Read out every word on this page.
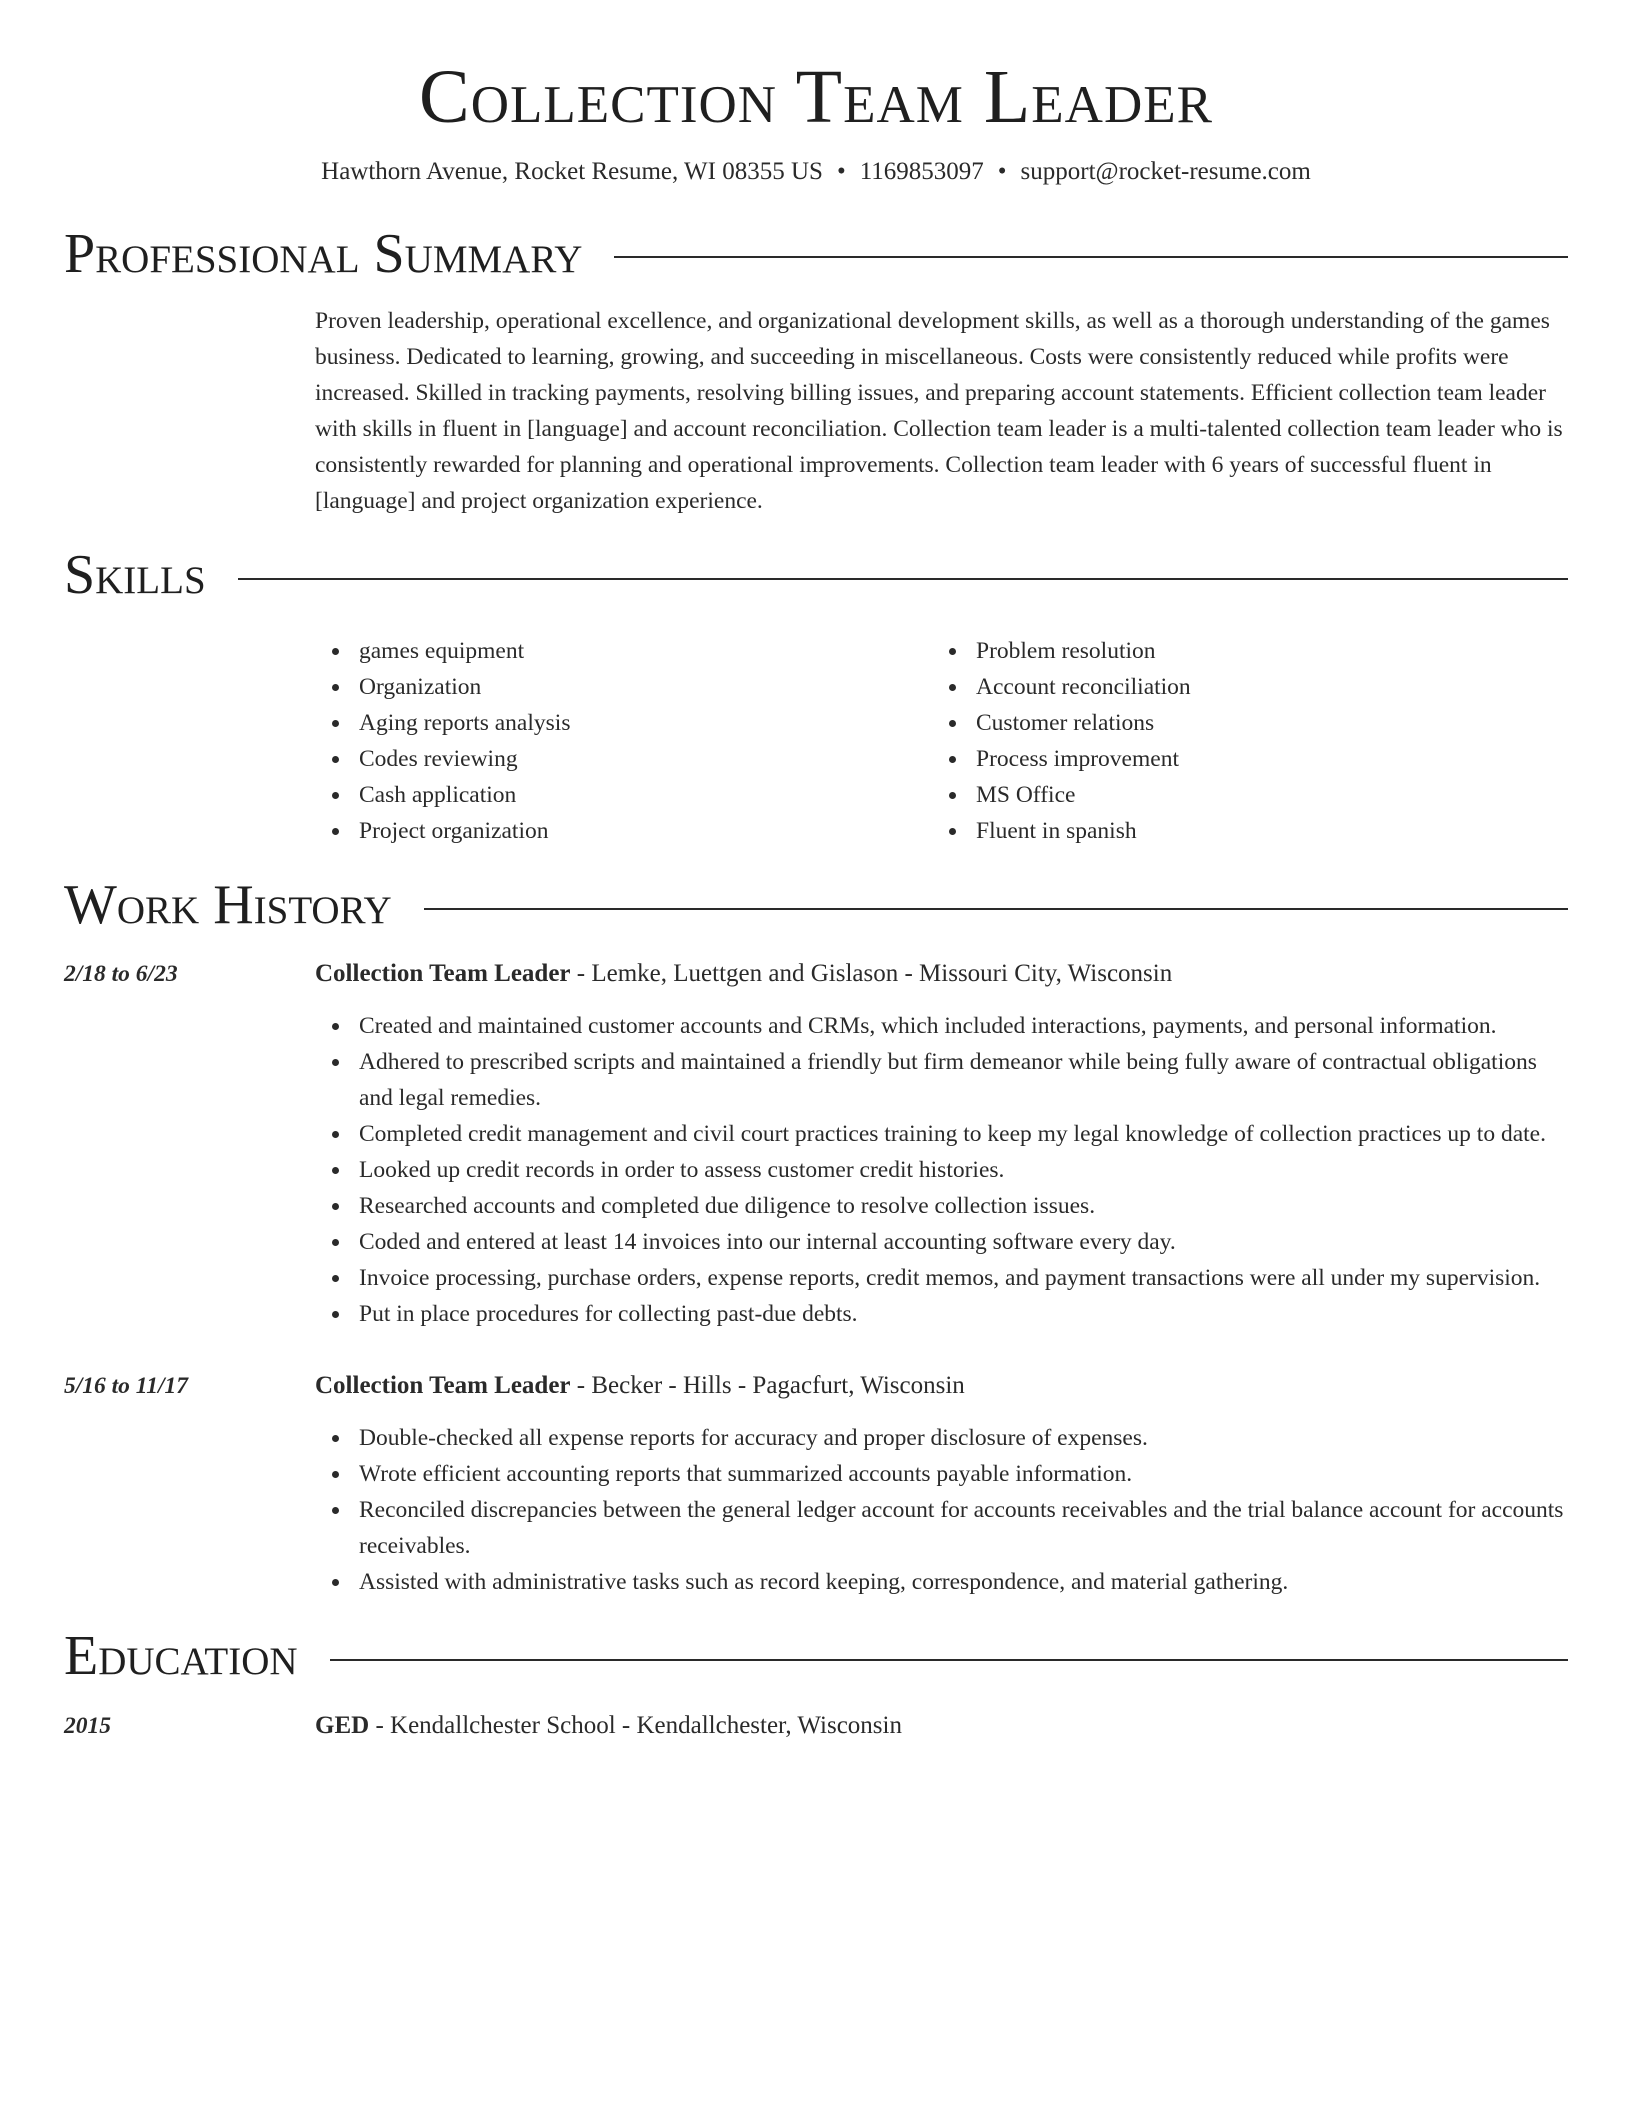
Collection Team Leader
Hawthorn Avenue, Rocket Resume, WI 08355 US • 1169853097 • support@rocket-resume.com
Professional Summary

Proven leadership, operational excellence, and organizational development skills, as well as a thorough understanding of the games business. Dedicated to learning, growing, and succeeding in miscellaneous. Costs were consistently reduced while profits were increased. Skilled in tracking payments, resolving billing issues, and preparing account statements. Efficient collection team leader with skills in fluent in [language] and account reconciliation. Collection team leader is a multi-talented collection team leader who is consistently rewarded for planning and operational improvements. Collection team leader with 6 years of successful fluent in [language] and project organization experience.

Skills
games equipment
Organization
Aging reports analysis
Codes reviewing
Cash application
Project organization
Problem resolution
Account reconciliation
Customer relations
Process improvement
MS Office
Fluent in spanish
Work History
2/18 to 6/23	Collection Team Leader - Lemke, Luettgen and Gislason - Missouri City, Wisconsin
Created and maintained customer accounts and CRMs, which included interactions, payments, and personal information.
Adhered to prescribed scripts and maintained a friendly but firm demeanor while being fully aware of contractual obligations and legal remedies.
Completed credit management and civil court practices training to keep my legal knowledge of collection practices up to date.
Looked up credit records in order to assess customer credit histories.
Researched accounts and completed due diligence to resolve collection issues.
Coded and entered at least 14 invoices into our internal accounting software every day.
Invoice processing, purchase orders, expense reports, credit memos, and payment transactions were all under my supervision.
Put in place procedures for collecting past-due debts.
5/16 to 11/17	Collection Team Leader - Becker - Hills - Pagacfurt, Wisconsin
Double-checked all expense reports for accuracy and proper disclosure of expenses.
Wrote efficient accounting reports that summarized accounts payable information.
Reconciled discrepancies between the general ledger account for accounts receivables and the trial balance account for accounts receivables.
Assisted with administrative tasks such as record keeping, correspondence, and material gathering.
Education
2015	GED - Kendallchester School - Kendallchester, Wisconsin
